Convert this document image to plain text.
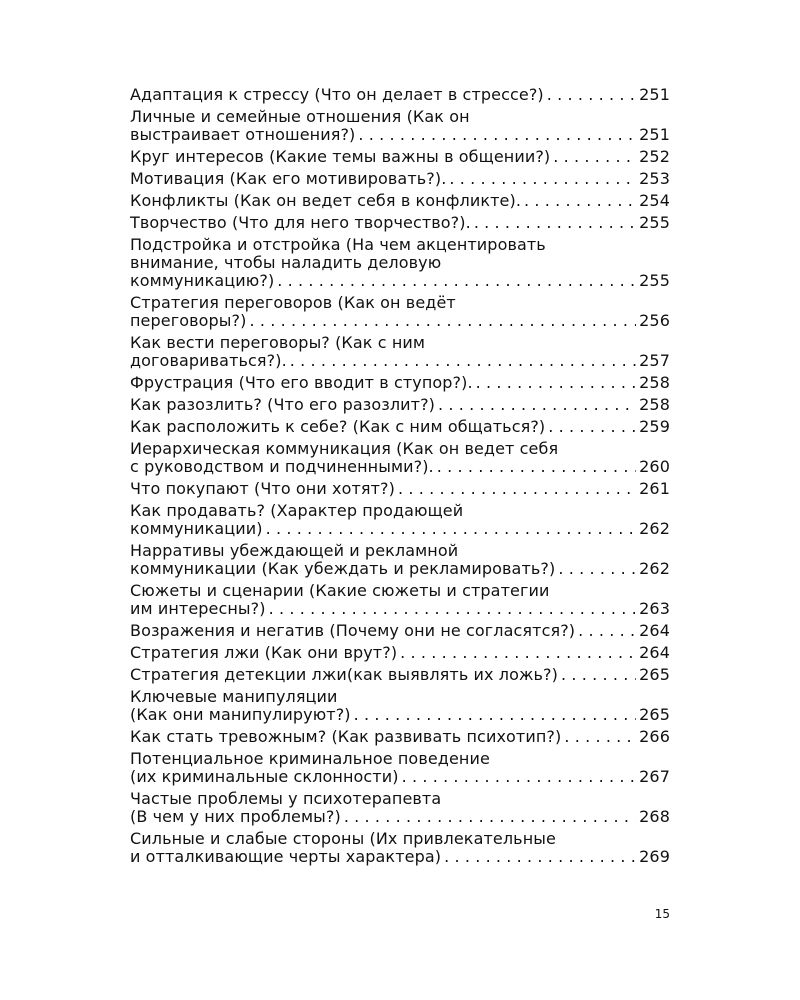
Адаптация к стрессу (Что он делает в стрессе?) . . .	251
Личные и семейные отношения (Как он
выстраивает отношения?) . . .	251
Круг интересов (Какие темы важны в общении?) . . .	252
Мотивация (Как его мотивировать?). . . .	253
Конфликты (Как он ведет себя в конфликте). . . .	254
Творчество (Что для него творчество?). . . .	255
Подстройка и отстройка (На чем акцентировать
внимание, чтобы наладить деловую
коммуникацию?) . . .	255
Стратегия переговоров (Как он ведёт
переговоры?) . . .	256
Как вести переговоры? (Как с ним
договариваться?). . . .	257
Фрустрация (Что его вводит в ступор?). . . .	258
Как разозлить? (Что его разозлит?) . . .	258
Как расположить к себе? (Как с ним общаться?) . . .	259
Иерархическая коммуникация (Как он ведет себя
с руководством и подчиненными?). . . .	260
Что покупают (Что они хотят?) . . .	261
Как продавать? (Характер продающей
коммуникации) . . .	262
Нарративы убеждающей и рекламной
коммуникации (Как убеждать и рекламировать?) . . .	262
Сюжеты и сценарии (Какие сюжеты и стратегии
им интересны?) . . .	263
Возражения и негатив (Почему они не согласятся?) . . .	264
Стратегия лжи (Как они врут?) . . .	264
Стратегия детекции лжи(как выявлять их ложь?) . . .	265
Ключевые манипуляции
(Как они манипулируют?) . . .	265
Как стать тревожным? (Как развивать психотип?) . . .	266
Потенциальное криминальное поведение
(их криминальные склонности) . . .	267
Частые проблемы у психотерапевта
(В чем у них проблемы?) . . .	268
Сильные и слабые стороны (Их привлекательные
и отталкивающие черты характера) . . .	269
15
